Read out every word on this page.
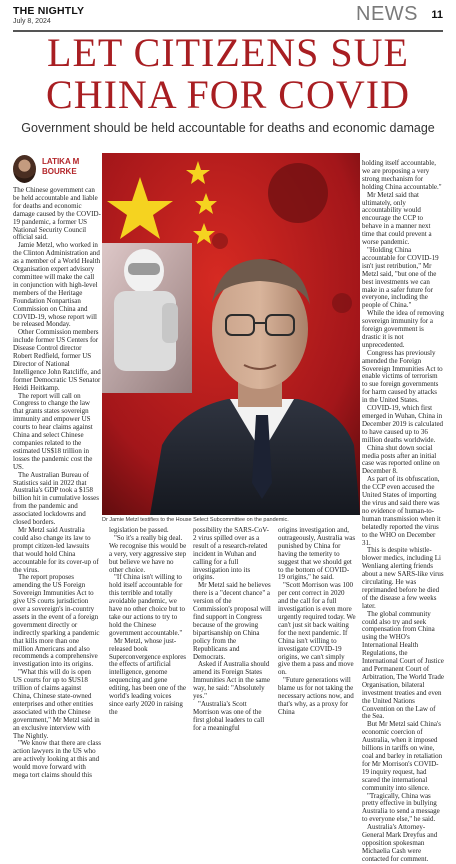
THE NIGHTLY
July 8, 2024	NEWS 11
LET CITIZENS SUE CHINA FOR COVID
Government should be held accountable for deaths and economic damage
LATIKA M
BOURKE

The Chinese government can be held accountable and liable for deaths and economic damage caused by the COVID-19 pandemic, a former US National Security Council official said.

Jamie Metzl, who worked in the Clinton Administration and as a member of a World Health Organisation expert advisory committee will make the call in conjunction with high-level members of the Heritage Foundation Nonpartisan Commission on China and COVID-19, whose report will be released Monday.

Other Commission members include former US Centers for Disease Control director Robert Redfield, former US Director of National Intelligence John Ratcliffe, and former Democratic US Senator Heidi Heitkamp.

The report will call on Congress to change the law that grants states sovereign immunity and empower US courts to hear claims against China and select Chinese companies related to the estimated US$18 trillion in losses the pandemic cost the US.

The Australian Bureau of Statistics said in 2022 that Australia's GDP took a $158 billion hit in cumulative losses from the pandemic and associated lockdowns and closed borders.

Mr Metzl said Australia could also change its law to prompt citizen-led lawsuits that would hold China accountable for its cover-up of the virus.

The report proposes amending the US Foreign Sovereign Immunities Act to give US courts jurisdiction over a sovereign's in-country assets in the event of a foreign government directly or indirectly sparking a pandemic that kills more than one million Americans and also recommends a comprehensive investigation into its origins.

"What this will do is open US courts for up to $US18 trillion of claims against China, Chinese state-owned enterprises and other entities associated with the Chinese government," Mr Metzl said in an exclusive interview with The Nightly.

"We know that there are class action lawyers in the US who are actively looking at this and would move forward with mega tort claims should this

Dr Jamie Metzl testifies to the House Select Subcommittee on the pandemic.

legislation be passed.

"So it's a really big deal. We recognise this would be a very, very aggressive step but believe we have no other choice.

"If China isn't willing to hold itself accountable for this terrible and totally avoidable pandemic, we have no other choice but to take our actions to try to hold the Chinese government accountable."

Mr Metzl, whose just-released book Superconvergence explores the effects of artificial intelligence, genome sequencing and gene editing, has been one of the world's leading voices since early 2020 in raising the

possibility the SARS-CoV-2 virus spilled over as a result of a research-related incident in Wuhan and calling for a full investigation into its origins.

Mr Metzl said he believes there is a "decent chance" a version of the Commission's proposal will find support in Congress because of the growing bipartisanship on China policy from the Republicans and Democrats.

Asked if Australia should amend its Foreign States Immunities Act in the same way, he said: "Absolutely yes."

"Australia's Scott Morrison was one of the first global leaders to call for a meaningful

origins investigation and, outrageously, Australia was punished by China for having the temerity to suggest that we should get to the bottom of COVID-19 origins," he said.

"Scott Morrison was 100 per cent correct in 2020 and the call for a full investigation is even more urgently required today. We can't just sit back waiting for the next pandemic. If China isn't willing to investigate COVID-19 origins, we can't simply give them a pass and move on.

"Future generations will blame us for not taking the necessary actions now, and that's why, as a proxy for China

holding itself accountable, we are proposing a very strong mechanism for holding China accountable."

Mr Metzl said that ultimately, only accountability would encourage the CCP to behave in a manner next time that could prevent a worse pandemic.

"Holding China accountable for COVID-19 isn't just retribution," Mr Metzl said, "but one of the best investments we can make in a safer future for everyone, including the people of China."

While the idea of removing sovereign immunity for a foreign government is drastic it is not unprecedented.

Congress has previously amended the Foreign Sovereign Immunities Act to enable victims of terrorism to sue foreign governments for harm caused by attacks in the United States.

COVID-19, which first emerged in Wuhan, China in December 2019 is calculated to have caused up to 36 million deaths worldwide.

China shut down social media posts after an initial case was reported online on December 8.

As part of its obfuscation, the CCP even accused the United States of importing the virus and said there was no evidence of human-to-human transmission when it belatedly reported the virus to the WHO on December 31.

This is despite whistle-blower medics, including Li Wenliang alerting friends about a new SARS-like virus circulating. He was reprimanded before he died of the disease a few weeks later.

The global community could also try and seek compensation from China using the WHO's International Health Regulations, the International Court of Justice and Permanent Court of Arbitration, The World Trade Organisation, bilateral investment treaties and even the United Nations Convention on the Law of the Sea.

But Mr Metzl said China's economic coercion of Australia, when it imposed billions in tariffs on wine, coal and barley in retaliation for Mr Morrison's COVID-19 inquiry request, had scared the international community into silence.

"Tragically, China was pretty effective in bullying Australia to send a message to everyone else," he said.

Australia's Attorney-General Mark Dreyfus and opposition spokesman Michaelia Cash were contacted for comment.
